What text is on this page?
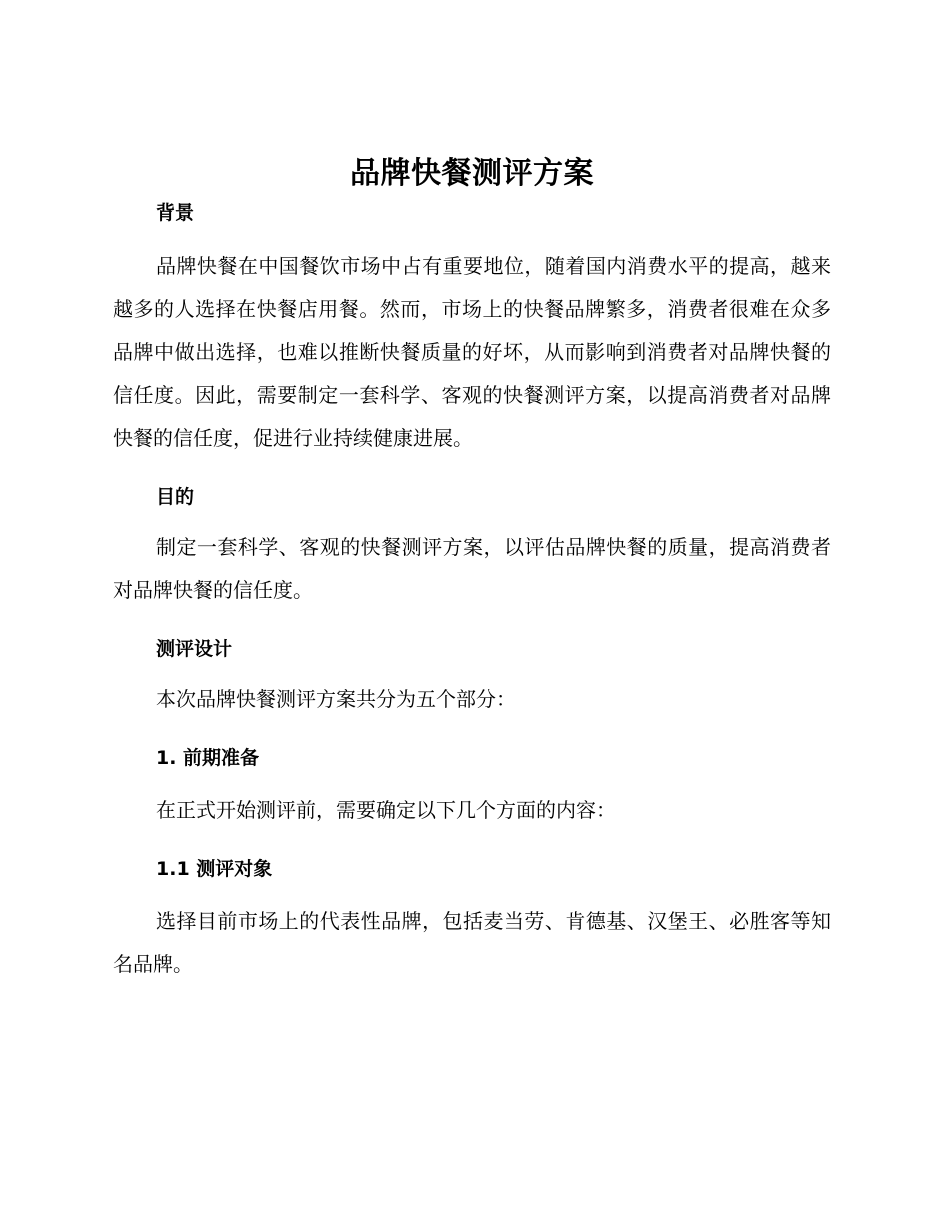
品牌快餐测评方案
背景

品牌快餐在中国餐饮市场中占有重要地位，随着国内消费水平的提高，越来越多的人选择在快餐店用餐。然而，市场上的快餐品牌繁多，消费者很难在众多品牌中做出选择，也难以推断快餐质量的好坏，从而影响到消费者对品牌快餐的信任度。因此，需要制定一套科学、客观的快餐测评方案，以提高消费者对品牌快餐的信任度，促进行业持续健康进展。

目的

制定一套科学、客观的快餐测评方案，以评估品牌快餐的质量，提高消费者对品牌快餐的信任度。

测评设计

本次品牌快餐测评方案共分为五个部分：

1. 前期准备

在正式开始测评前，需要确定以下几个方面的内容：

1.1 测评对象

选择目前市场上的代表性品牌，包括麦当劳、肯德基、汉堡王、必胜客等知名品牌。
